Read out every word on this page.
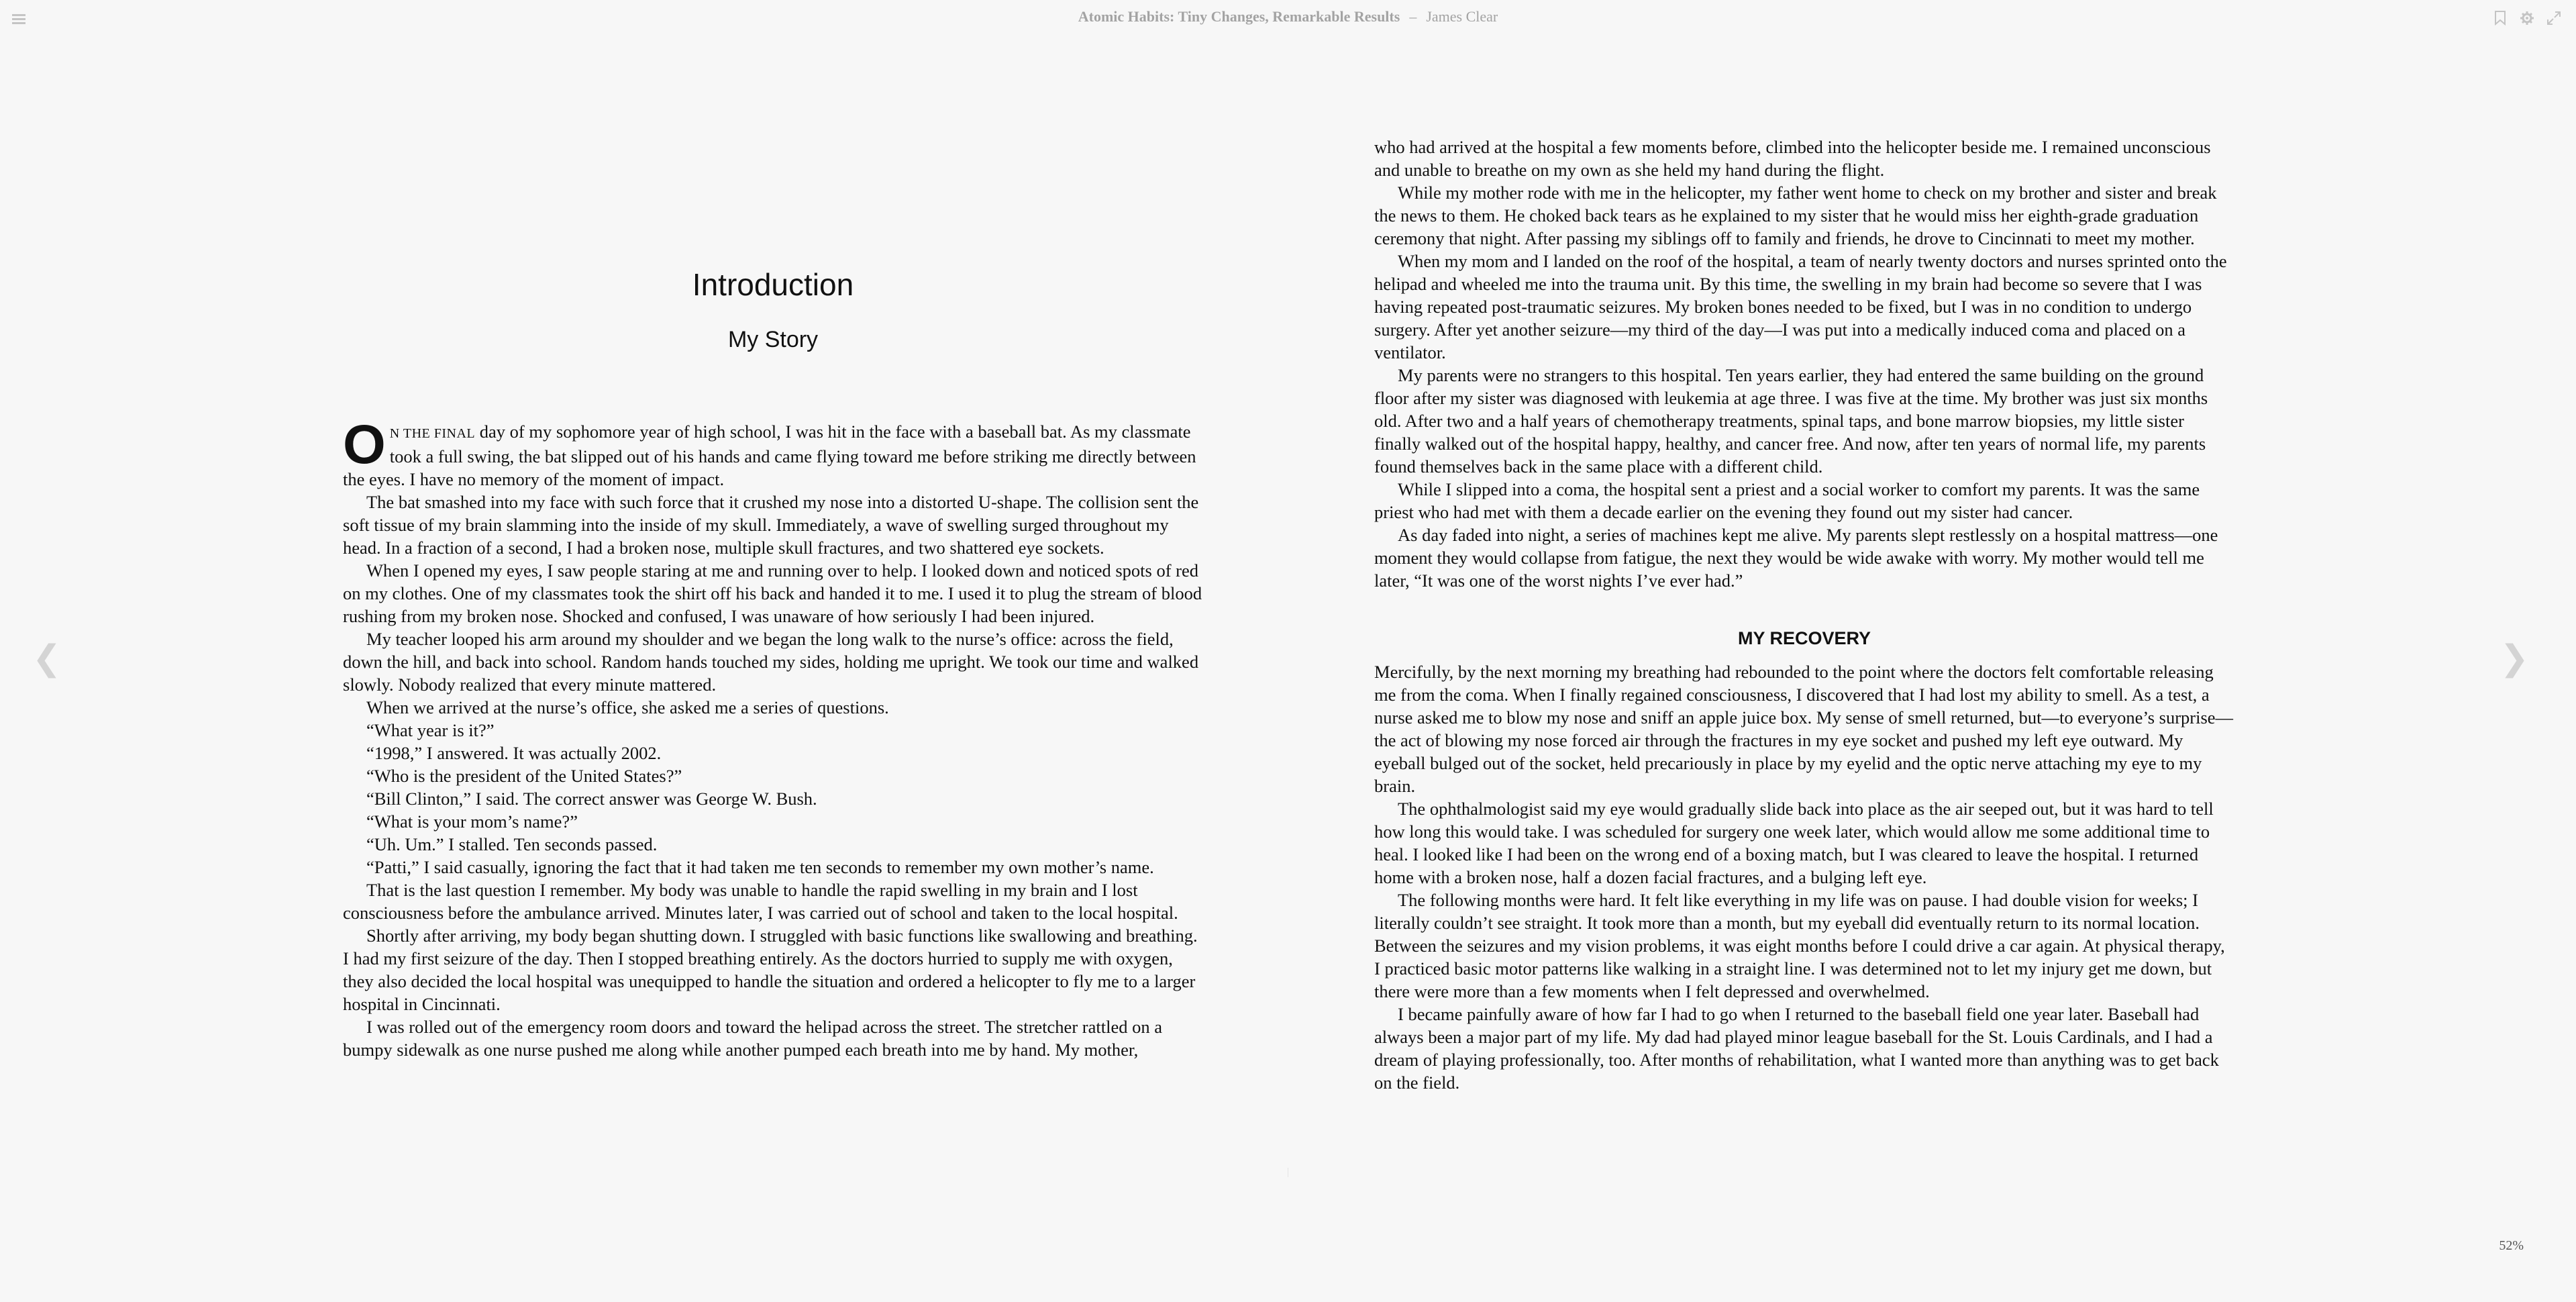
Atomic Habits: Tiny Changes, Remarkable Results – James Clear
❮	❯
Introduction
My Story

O N THE FINAL day of my sophomore year of high school, I was hit in the face with a baseball bat. As my classmate took a full swing, the bat slipped out of his hands and came flying toward me before striking me directly between the eyes. I have no memory of the moment of impact.

The bat smashed into my face with such force that it crushed my nose into a distorted U-shape. The collision sent the soft tissue of my brain slamming into the inside of my skull. Immediately, a wave of swelling surged throughout my head. In a fraction of a second, I had a broken nose, multiple skull fractures, and two shattered eye sockets.

When I opened my eyes, I saw people staring at me and running over to help. I looked down and noticed spots of red on my clothes. One of my classmates took the shirt off his back and handed it to me. I used it to plug the stream of blood rushing from my broken nose. Shocked and confused, I was unaware of how seriously I had been injured.

My teacher looped his arm around my shoulder and we began the long walk to the nurse’s office: across the field, down the hill, and back into school. Random hands touched my sides, holding me upright. We took our time and walked slowly. Nobody realized that every minute mattered.

When we arrived at the nurse’s office, she asked me a series of questions.

“What year is it?”

“1998,” I answered. It was actually 2002.

“Who is the president of the United States?”

“Bill Clinton,” I said. The correct answer was George W. Bush.

“What is your mom’s name?”

“Uh. Um.” I stalled. Ten seconds passed.

“Patti,” I said casually, ignoring the fact that it had taken me ten seconds to remember my own mother’s name.

That is the last question I remember. My body was unable to handle the rapid swelling in my brain and I lost consciousness before the ambulance arrived. Minutes later, I was carried out of school and taken to the local hospital.

Shortly after arriving, my body began shutting down. I struggled with basic functions like swallowing and breathing. I had my first seizure of the day. Then I stopped breathing entirely. As the doctors hurried to supply me with oxygen, they also decided the local hospital was unequipped to handle the situation and ordered a helicopter to fly me to a larger hospital in Cincinnati.

I was rolled out of the emergency room doors and toward the helipad across the street. The stretcher rattled on a bumpy sidewalk as one nurse pushed me along while another pumped each breath into me by hand. My mother,

who had arrived at the hospital a few moments before, climbed into the helicopter beside me. I remained unconscious and unable to breathe on my own as she held my hand during the flight.

While my mother rode with me in the helicopter, my father went home to check on my brother and sister and break the news to them. He choked back tears as he explained to my sister that he would miss her eighth-grade graduation ceremony that night. After passing my siblings off to family and friends, he drove to Cincinnati to meet my mother.

When my mom and I landed on the roof of the hospital, a team of nearly twenty doctors and nurses sprinted onto the helipad and wheeled me into the trauma unit. By this time, the swelling in my brain had become so severe that I was having repeated post-traumatic seizures. My broken bones needed to be fixed, but I was in no condition to undergo surgery. After yet another seizure—my third of the day—I was put into a medically induced coma and placed on a ventilator.

My parents were no strangers to this hospital. Ten years earlier, they had entered the same building on the ground floor after my sister was diagnosed with leukemia at age three. I was five at the time. My brother was just six months old. After two and a half years of chemotherapy treatments, spinal taps, and bone marrow biopsies, my little sister finally walked out of the hospital happy, healthy, and cancer free. And now, after ten years of normal life, my parents found themselves back in the same place with a different child.

While I slipped into a coma, the hospital sent a priest and a social worker to comfort my parents. It was the same priest who had met with them a decade earlier on the evening they found out my sister had cancer.

As day faded into night, a series of machines kept me alive. My parents slept restlessly on a hospital mattress—one moment they would collapse from fatigue, the next they would be wide awake with worry. My mother would tell me later, “It was one of the worst nights I’ve ever had.”

MY RECOVERY

Mercifully, by the next morning my breathing had rebounded to the point where the doctors felt comfortable releasing me from the coma. When I finally regained consciousness, I discovered that I had lost my ability to smell. As a test, a nurse asked me to blow my nose and sniff an apple juice box. My sense of smell returned, but—to everyone’s surprise—the act of blowing my nose forced air through the fractures in my eye socket and pushed my left eye outward. My eyeball bulged out of the socket, held precariously in place by my eyelid and the optic nerve attaching my eye to my brain.

The ophthalmologist said my eye would gradually slide back into place as the air seeped out, but it was hard to tell how long this would take. I was scheduled for surgery one week later, which would allow me some additional time to heal. I looked like I had been on the wrong end of a boxing match, but I was cleared to leave the hospital. I returned home with a broken nose, half a dozen facial fractures, and a bulging left eye.

The following months were hard. It felt like everything in my life was on pause. I had double vision for weeks; I literally couldn’t see straight. It took more than a month, but my eyeball did eventually return to its normal location. Between the seizures and my vision problems, it was eight months before I could drive a car again. At physical therapy, I practiced basic motor patterns like walking in a straight line. I was determined not to let my injury get me down, but there were more than a few moments when I felt depressed and overwhelmed.

I became painfully aware of how far I had to go when I returned to the baseball field one year later. Baseball had always been a major part of my life. My dad had played minor league baseball for the St. Louis Cardinals, and I had a dream of playing professionally, too. After months of rehabilitation, what I wanted more than anything was to get back on the field.

52%
